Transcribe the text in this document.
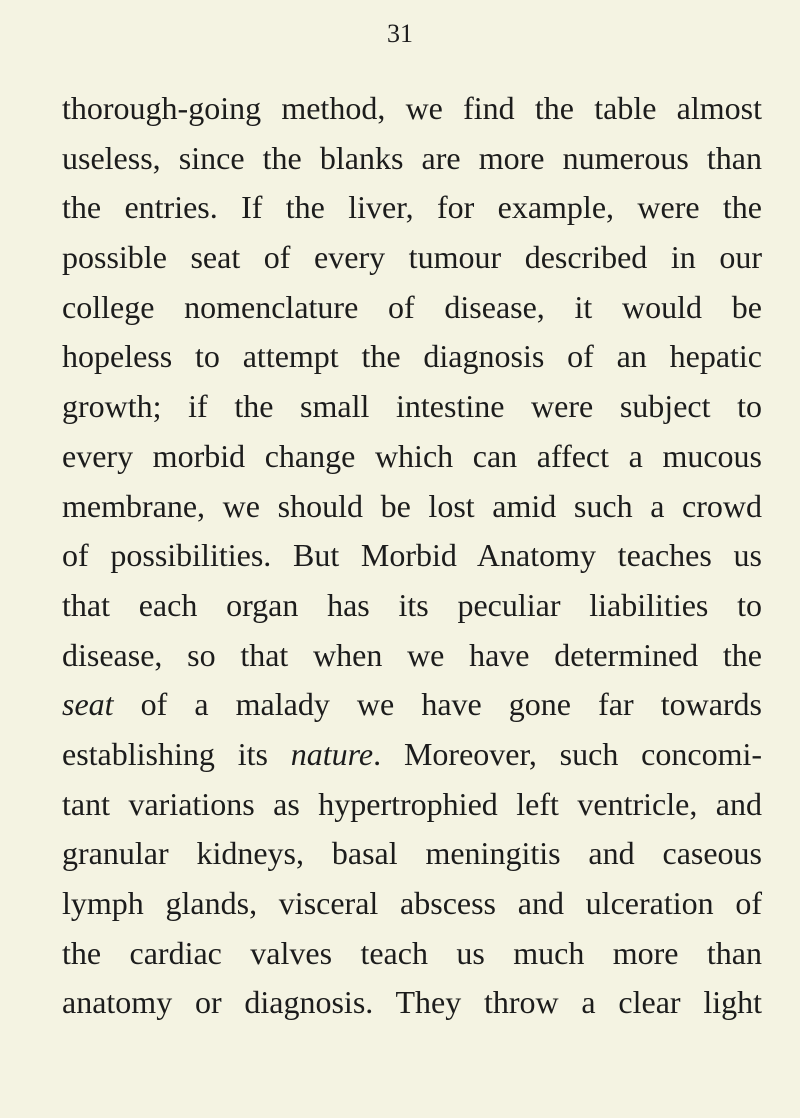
31
thorough-going method, we find the table almost
useless, since the blanks are more numerous than
the entries. If the liver, for example, were the
possible seat of every tumour described in our
college nomenclature of disease, it would be
hopeless to attempt the diagnosis of an hepatic
growth; if the small intestine were subject to
every morbid change which can affect a mucous
membrane, we should be lost amid such a crowd
of possibilities. But Morbid Anatomy teaches us
that each organ has its peculiar liabilities to
disease, so that when we have determined the
seat of a malady we have gone far towards
establishing its nature. Moreover, such concomi-
tant variations as hypertrophied left ventricle, and
granular kidneys, basal meningitis and caseous
lymph glands, visceral abscess and ulceration of
the cardiac valves teach us much more than
anatomy or diagnosis. They throw a clear light
